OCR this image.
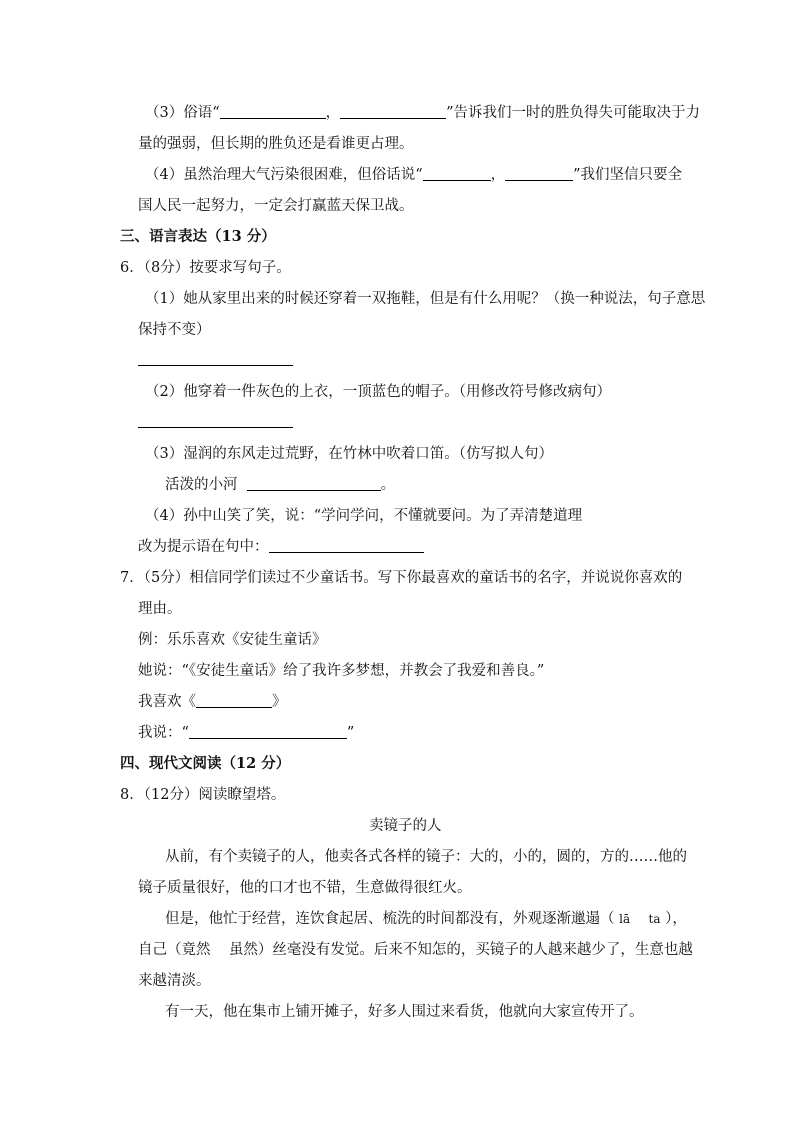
（3）俗语“	，	”告诉我们一时的胜负得失可能取决于力
量的强弱，但长期的胜负还是看谁更占理。
（4）虽然治理大气污染很困难，但俗话说“	，	”我们坚信只要全
国人民一起努力，一定会打赢蓝天保卫战。
三、语言表达（13 分）
6．（8分）按要求写句子。
（1）她从家里出来的时候还穿着一双拖鞋，但是有什么用呢？（换一种说法，句子意思
保持不变）
（2）他穿着一件灰色的上衣，一顶蓝色的帽子。（用修改符号修改病句）
（3）湿润的东风走过荒野，在竹林中吹着口笛。（仿写拟人句）
活泼的小河	。
（4）孙中山笑了笑，说：“学问学问，不懂就要问。为了弄清楚道理
改为提示语在句中：
7．（5分）相信同学们读过不少童话书。写下你最喜欢的童话书的名字，并说说你喜欢的
理由。
例：乐乐喜欢《安徒生童话》
她说：“《安徒生童话》给了我许多梦想，并教会了我爱和善良。”
我喜欢《	》
我说：“	”
四、现代文阅读（12 分）
8．（12分）阅读瞭望塔。
卖镜子的人
从前，有个卖镜子的人，他卖各式各样的镜子：大的，小的，圆的，方的……他的
镜子质量很好，他的口才也不错，生意做得很红火。
但是，他忙于经营，连饮食起居、梳洗的时间都没有，外观逐渐邋遢（ lā ta ），
自己（竟然 虽然）丝毫没有发觉。后来不知怎的，买镜子的人越来越少了，生意也越
来越清淡。
有一天，他在集市上铺开摊子，好多人围过来看货，他就向大家宣传开了。
